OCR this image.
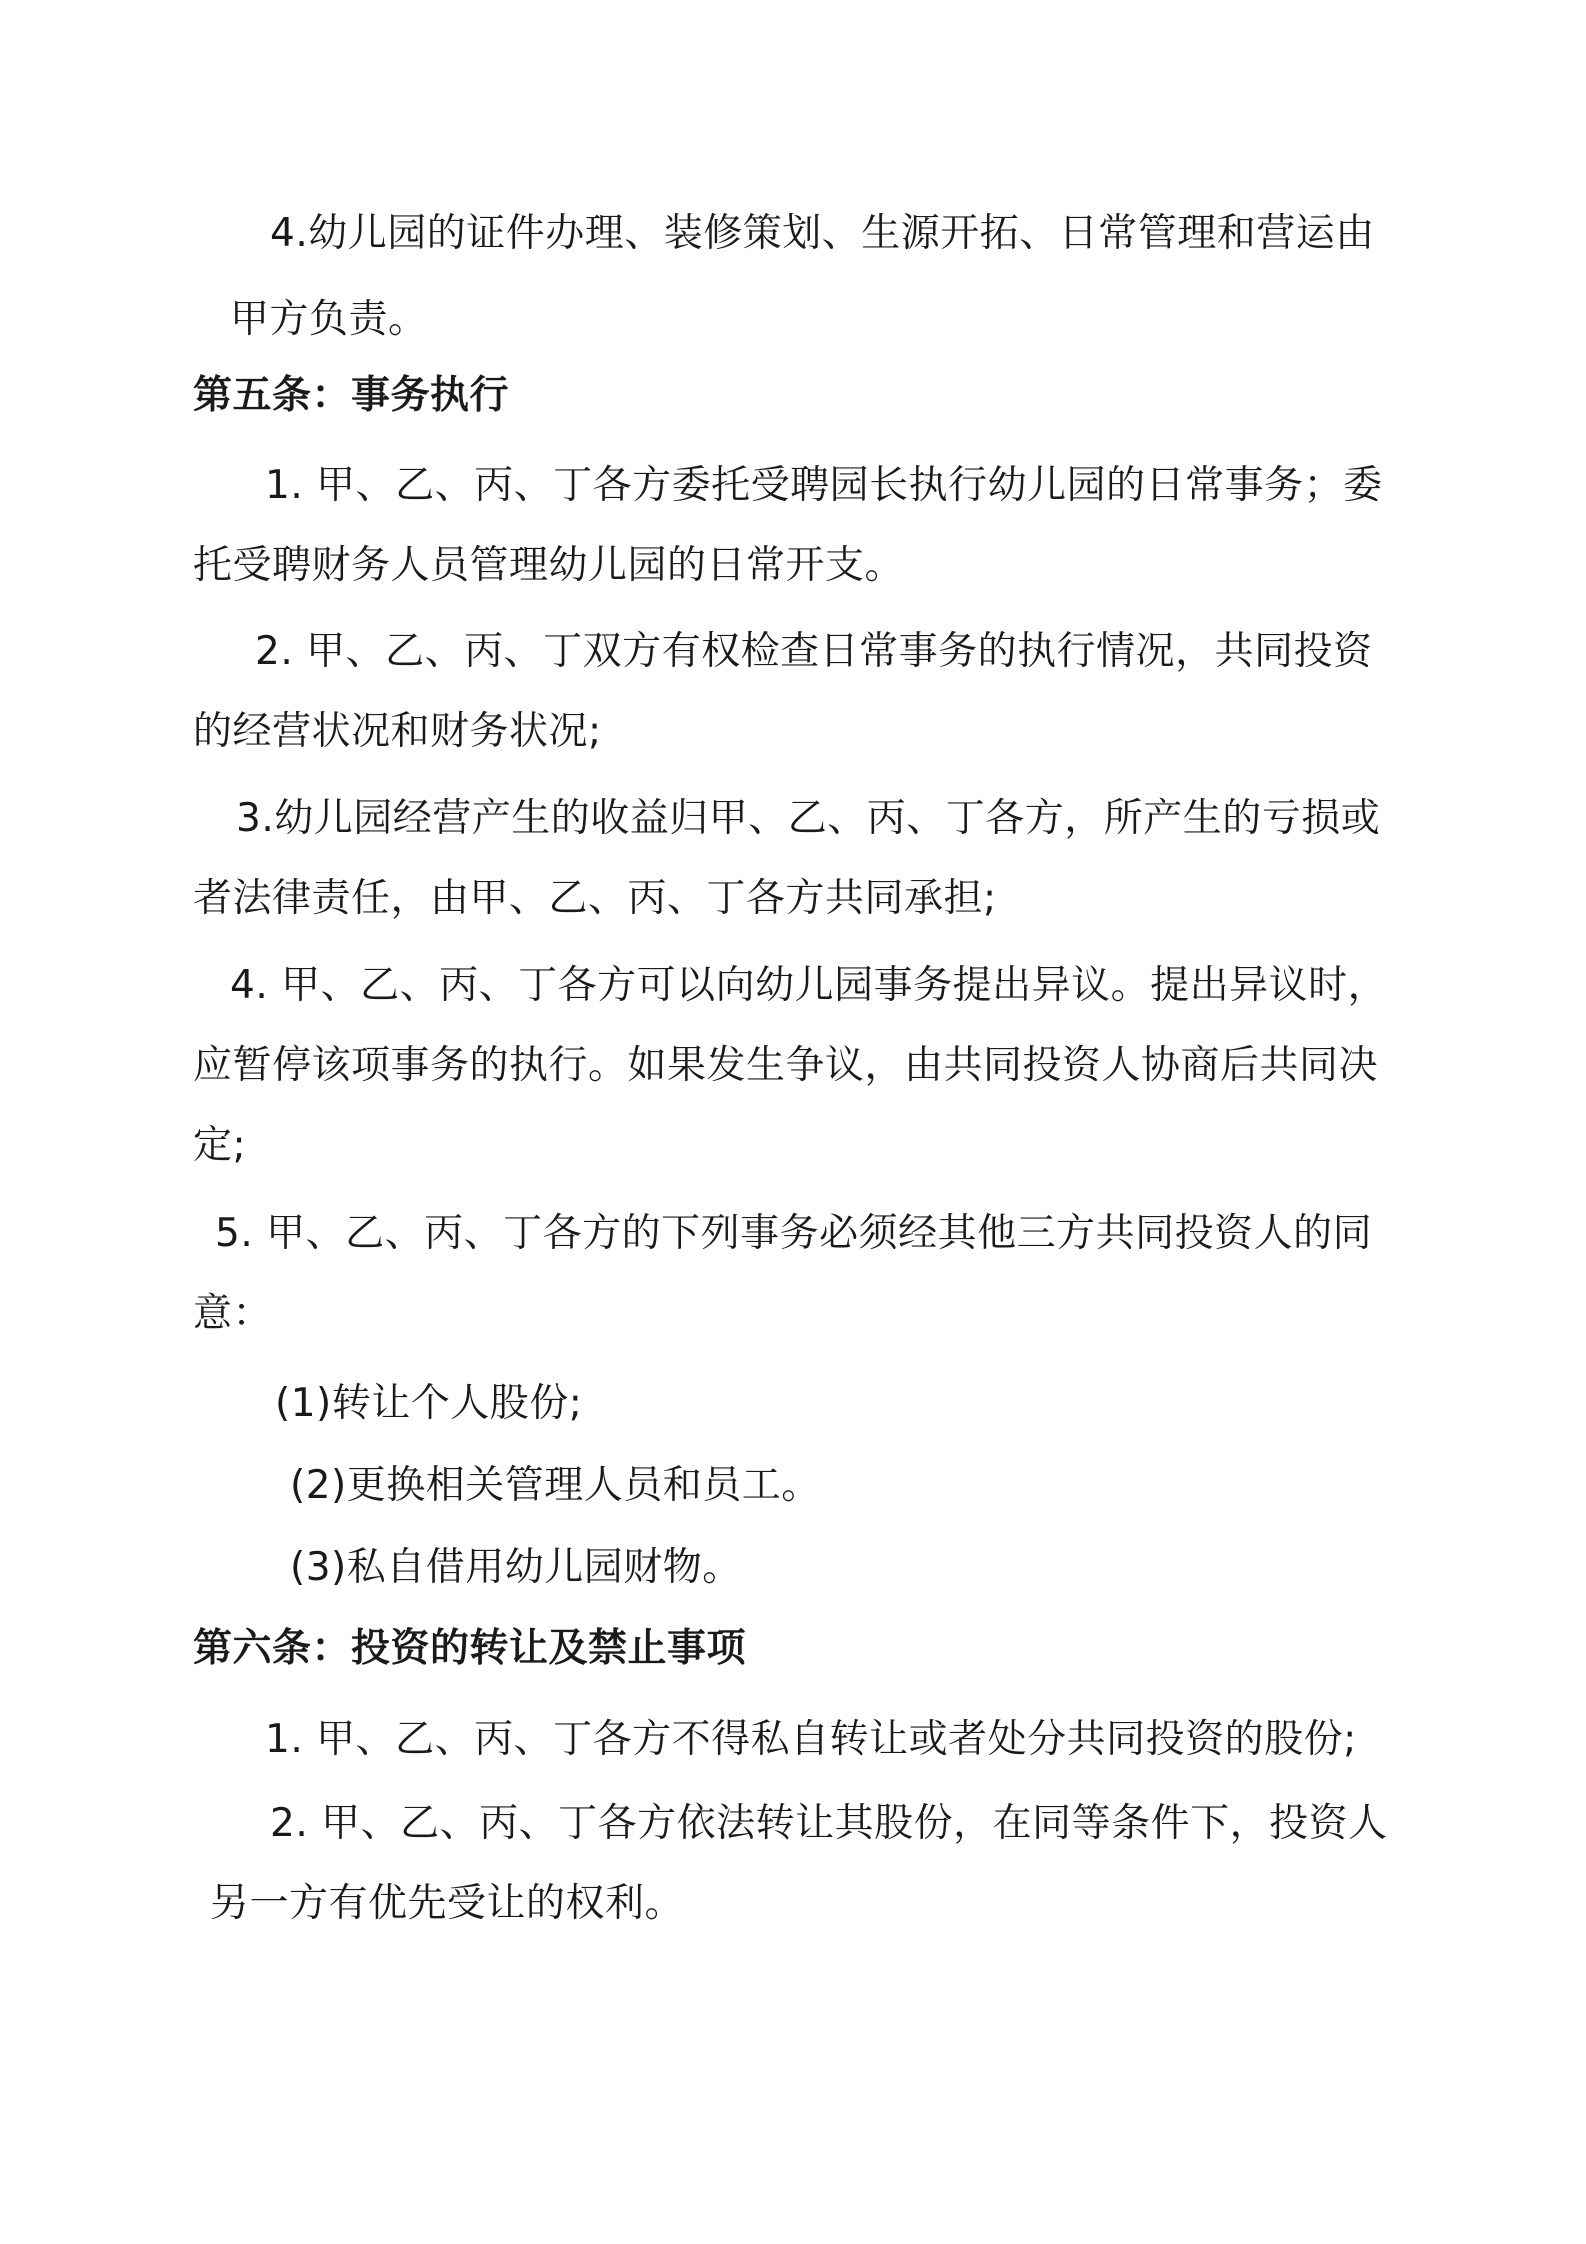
4.幼儿园的证件办理、装修策划、生源开拓、日常管理和营运由
甲方负责。
第五条：事务执行
1. 甲、乙、丙、丁各方委托受聘园长执行幼儿园的日常事务；委
托受聘财务人员管理幼儿园的日常开支。
2. 甲、乙、丙、丁双方有权检查日常事务的执行情况，共同投资
的经营状况和财务状况;
3.幼儿园经营产生的收益归甲、乙、丙、丁各方，所产生的亏损或
者法律责任，由甲、乙、丙、丁各方共同承担;
4. 甲、乙、丙、丁各方可以向幼儿园事务提出异议。提出异议时，
应暂停该项事务的执行。如果发生争议，由共同投资人协商后共同决
定;
5. 甲、乙、丙、丁各方的下列事务必须经其他三方共同投资人的同
意：
(1)转让个人股份;
(2)更换相关管理人员和员工。
(3)私自借用幼儿园财物。
第六条：投资的转让及禁止事项
1. 甲、乙、丙、丁各方不得私自转让或者处分共同投资的股份;
2. 甲、乙、丙、丁各方依法转让其股份，在同等条件下，投资人
另一方有优先受让的权利。
